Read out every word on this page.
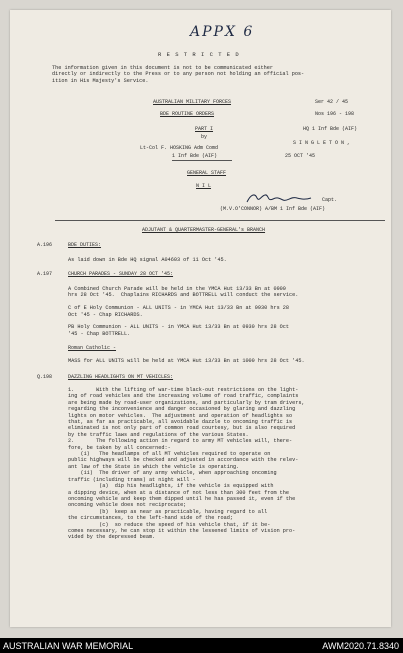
APPX 6
R E S T R I C T E D
The information given in this document is not to be communicated either
directly or indirectly to the Press or to any person not holding an official pos-
ition in His Majesty's Service.
AUSTRALIAN MILITARY FORCES	Ser 42 / 45
BDE ROUTINE ORDERS	Nos 196 - 198
PART I	HQ 1 Inf Bde (AIF)
by
S I N G L E T O N ,
Lt-Col F. HOSKING Adm Comd
1 Inf Bde (AIF)	25 OCT '45
GENERAL STAFF
N I L
Capt.
(M.V.O'CONNOR) A/BM 1 Inf Bde (AIF)
ADJUTANT & QUARTERMASTER-GENERAL's BRANCH
A.196	BDE DUTIES:
As laid down in Bde HQ signal A04603 of 11 Oct '45.
A.197	CHURCH PARADES - SUNDAY 28 OCT '45:
A Combined Church Parade will be held in the YMCA Hut 13/33 Bn at 0900
hrs 28 Oct '45.  Chaplains RICHARDS and BOTTRELL will conduct the service.

C of E Holy Communion - ALL UNITS - in YMCA Hut 13/33 Bn at 0930 hrs 28
Oct '45 - Chap RICHARDS.

PB Holy Communion - ALL UNITS - in YMCA Hut 13/33 Bn at 0930 hrs 28 Oct
'45 - Chap BOTTRELL.
Roman Catholic -
MASS for ALL UNITS will be held at YMCA Hut 13/33 Bn at 1000 hrs 28 Oct '45.
Q.198	DAZZLING HEADLIGHTS ON MT VEHICLES:
1.       With the lifting of war-time black-out restrictions on the light-
ing of road vehicles and the increasing volume of road traffic, complaints
are being made by road-user organizations, and particularly by tram drivers,
regarding the inconvenience and danger occasioned by glaring and dazzling
lights on motor vehicles.  The adjustment and operation of headlights so
that, as far as practicable, all avoidable dazzle to oncoming traffic is
eliminated is not only part of common road courtesy, but is also required
by the traffic laws and regulations of the various States.
2.       The following action in regard to army MT vehicles will, there-
fore, be taken by all concerned:-
(i)   The headlamps of all MT vehicles required to operate on
public highways will be checked and adjusted in accordance with the relev-
ant law of the State in which the vehicle is operating.
(ii)  The driver of any army vehicle, when approaching oncoming
traffic (including trams) at night will -
(a)  dip his headlights, if the vehicle is equipped with
a dipping device, when at a distance of not less than 300 feet from the
oncoming vehicle and keep them dipped until he has passed it, even if the
oncoming vehicle does not reciprocate;
(b)  keep as near as practicable, having regard to all
the circumstances, to the left-hand side of the road;
(c)  so reduce the speed of his vehicle that, if it be-
comes necessary, he can stop it within the lessened limits of vision pro-
vided by the depressed beam.
AUSTRALIAN WAR MEMORIAL	AWM2020.71.8340
